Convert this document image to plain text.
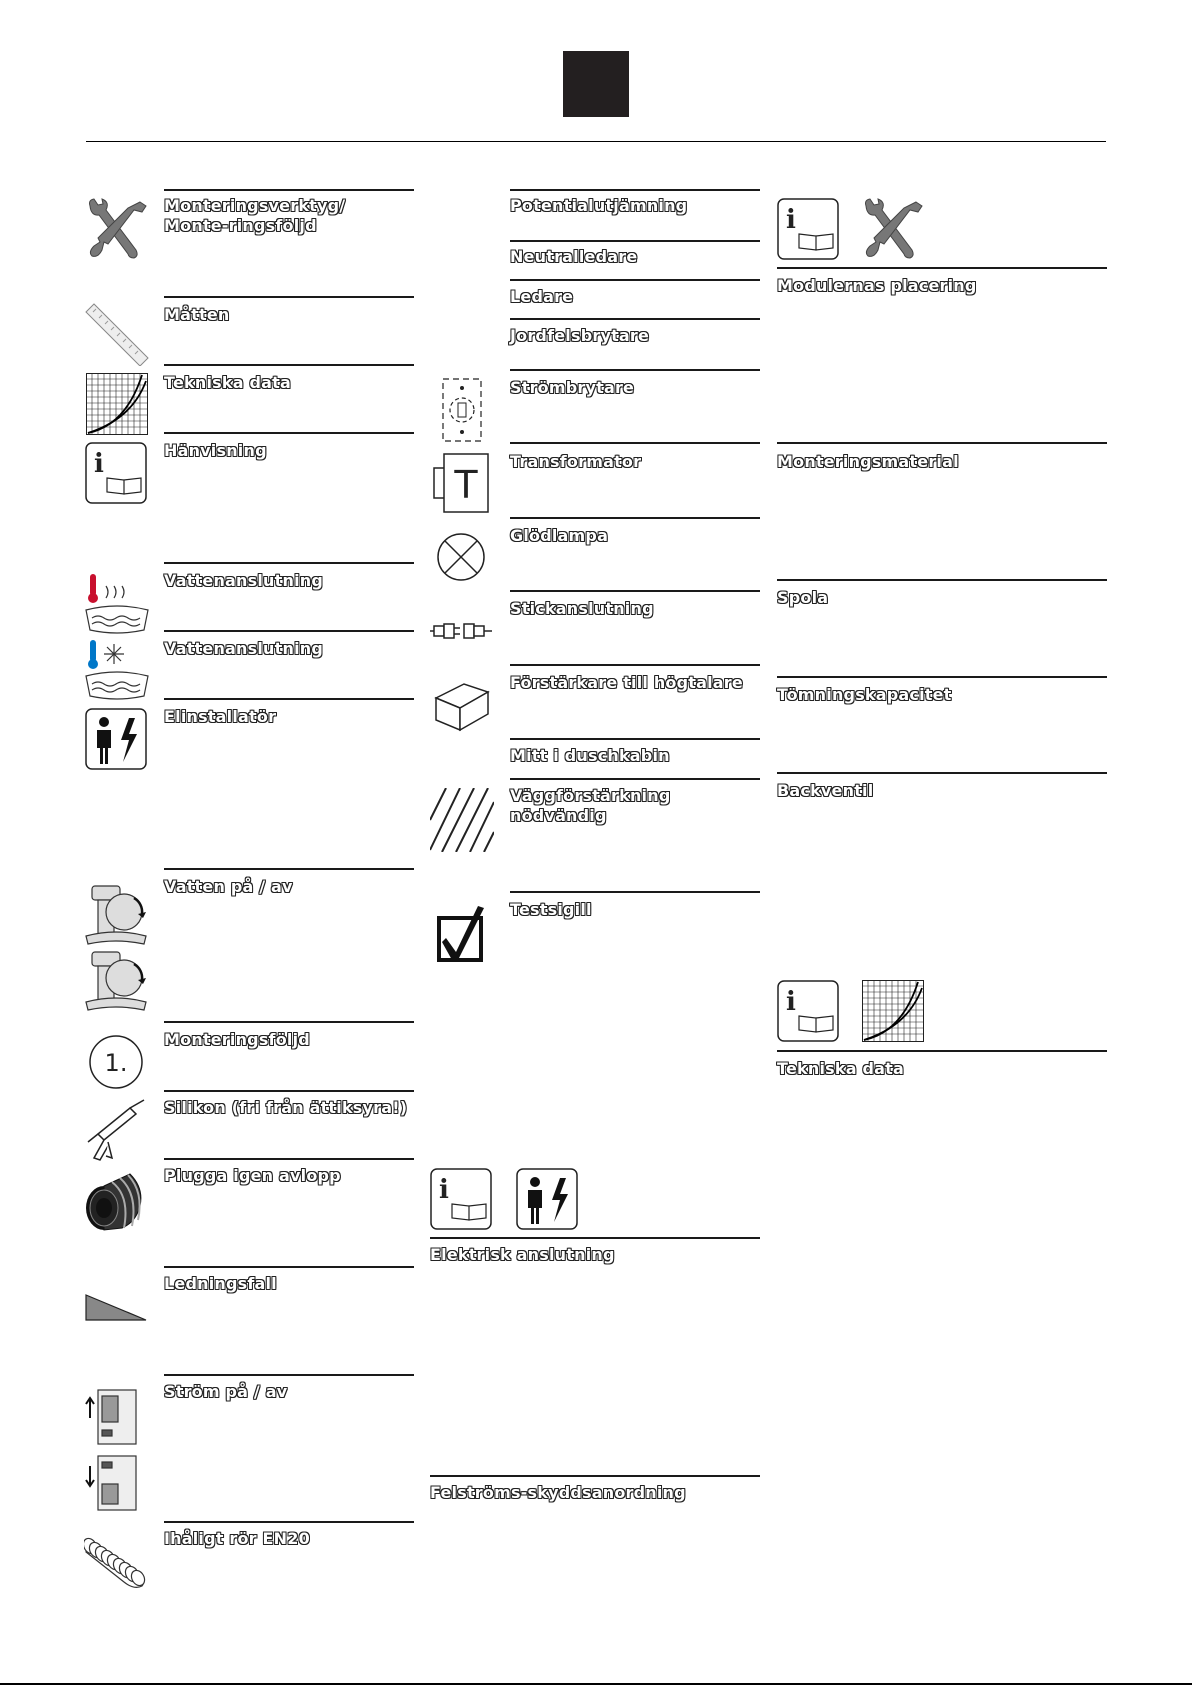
Monteringsverktyg/ Monte-ringsföljd
Måtten
Tekniska data
i	Hänvisning
Vattenanslutning
Vattenanslutning
Elinstallatör
Vatten på / av
1.
Monteringsföljd
Silikon (fri från ättiksyra!)
Plugga igen avlopp
Ledningsfall
Ström på / av
Ihåligt rör EN20
Potentialutjämning
Neutralledare
Ledare
Jordfelsbrytare
Strömbrytare
T
Transformator
Glödlampa
Stickanslutning
Förstärkare till högtalare
Mitt i duschkabin
Väggförstärkning nödvändig
Testsigill
i
Elektrisk anslutning
Felströms-skyddsanordning
i
Modulernas placering
Monteringsmaterial
Spola
Tömningskapacitet
Backventil
i
Tekniska data
